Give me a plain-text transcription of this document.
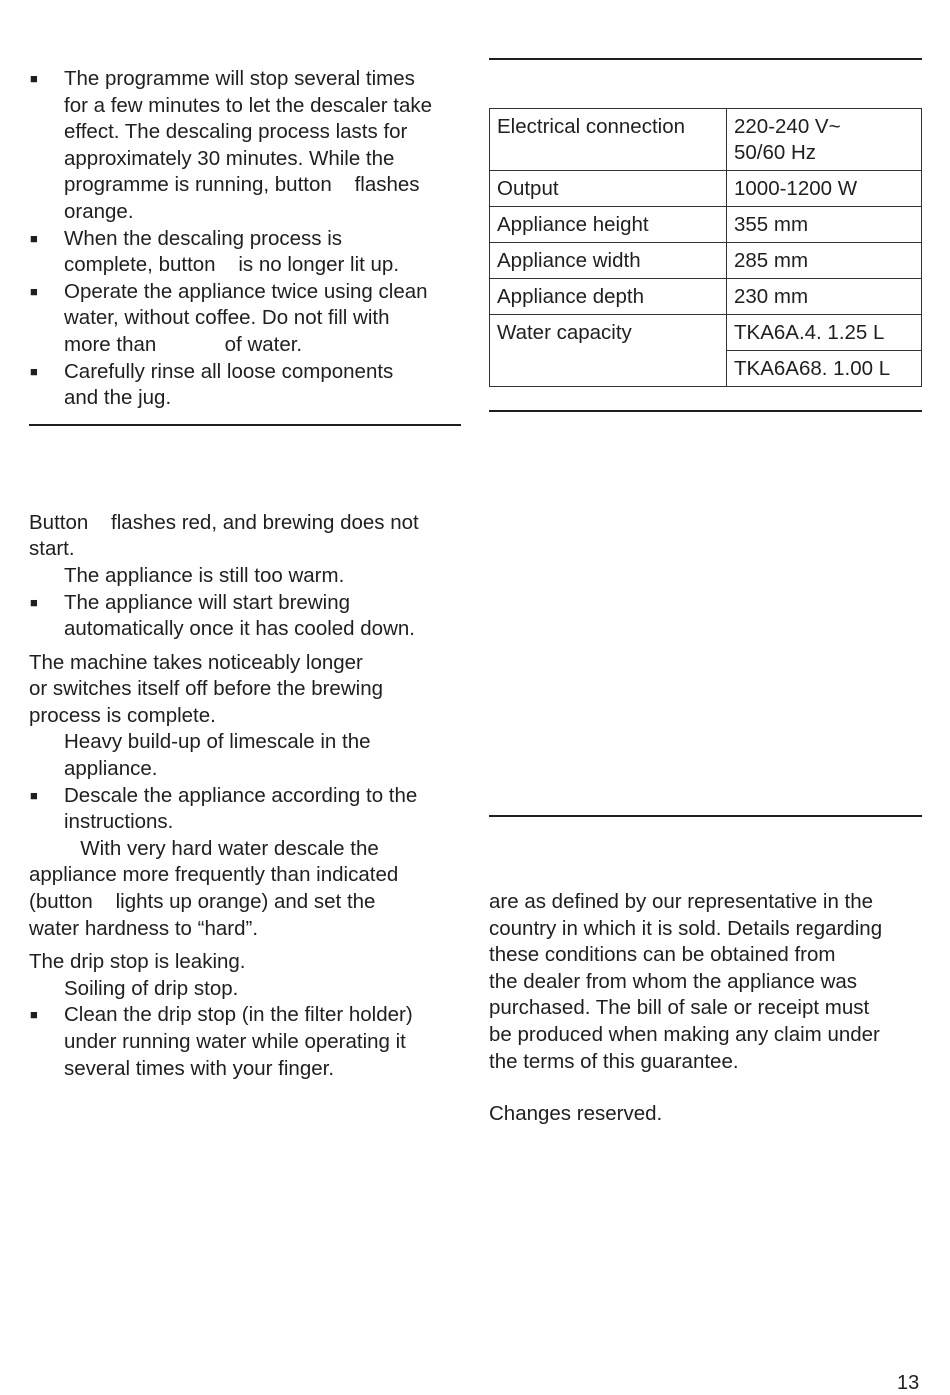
■ The programme will stop several times
for a few minutes to let the descaler take
effect. The descaling process lasts for
approximately 30 minutes. While the
programme is running, button    flashes
orange.

■ When the descaling process is
complete, button    is no longer lit up.

■ Operate the appliance twice using clean
water, without coffee. Do not fill with
more than            of water.

■ Carefully rinse all loose components
and the jug.

Button    flashes red, and brewing does not
start.

The appliance is still too warm.

■ The appliance will start brewing
automatically once it has cooled down.

The machine takes noticeably longer
or switches itself off before the brewing
process is complete.

Heavy build-up of limescale in the
appliance.

■ Descale the appliance according to the
instructions.

With very hard water descale the
appliance more frequently than indicated
(button    lights up orange) and set the
water hardness to “hard”.

The drip stop is leaking.

Soiling of drip stop.

■ Clean the drip stop (in the filter holder)
under running water while operating it
several times with your finger.

Electrical connection	220-240 V~
50/60 Hz
Output	1000-1200 W
Appliance height	355 mm
Appliance width	285 mm
Appliance depth	230 mm
Water capacity	TKA6A.4. 1.25 L
	TKA6A68. 1.00 L

are as defined by our representative in the
country in which it is sold. Details regarding
these conditions can be obtained from
the dealer from whom the appliance was
purchased. The bill of sale or receipt must
be produced when making any claim under
the terms of this guarantee.

Changes reserved.

13
